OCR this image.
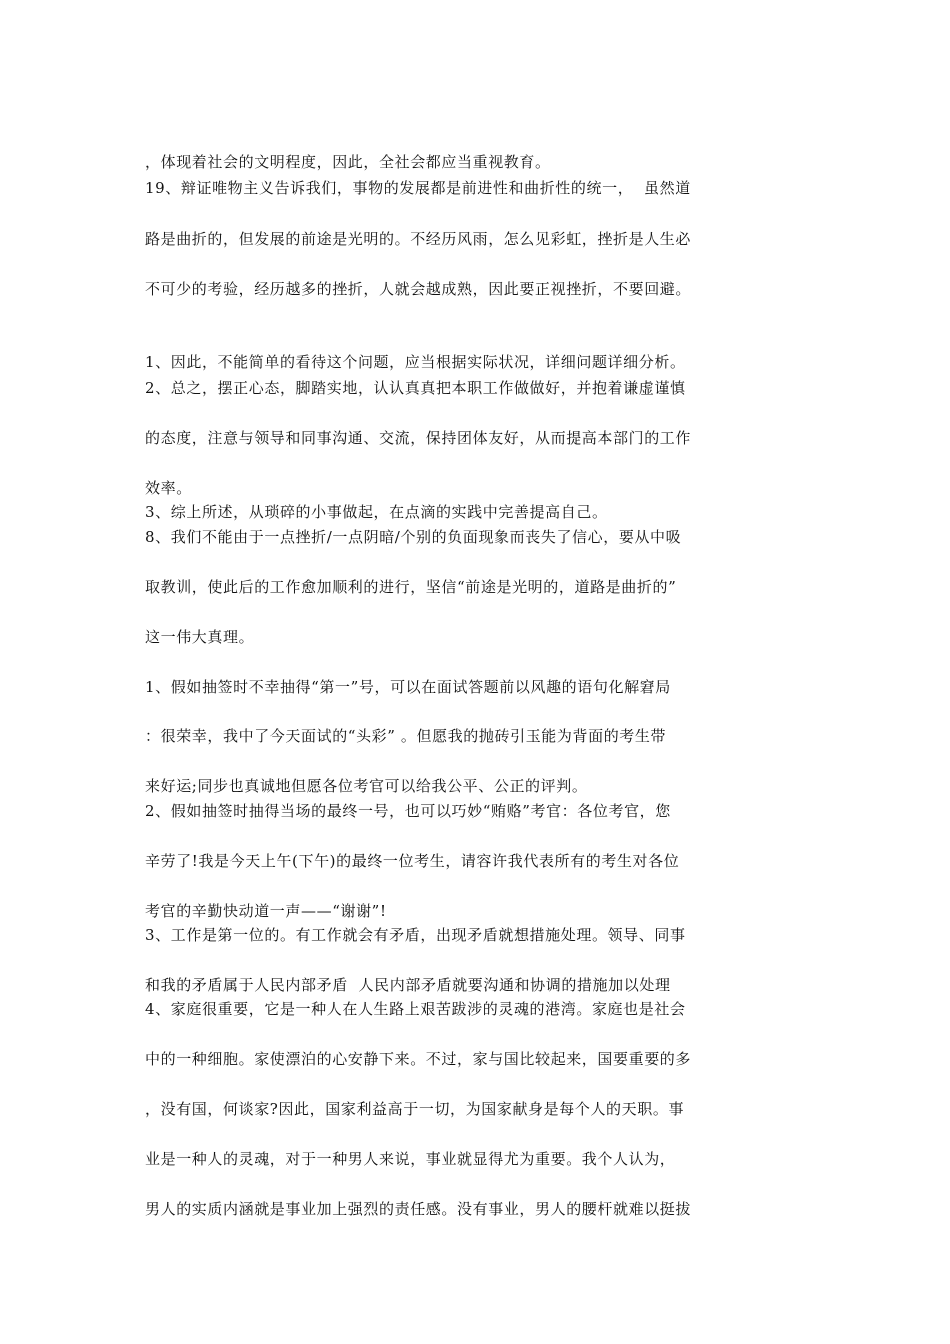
，体现着社会的文明程度，因此，全社会都应当重视教育。
19、辩证唯物主义告诉我们，事物的发展都是前进性和曲折性的统一，  虽然道
路是曲折的，但发展的前途是光明的。不经历风雨，怎么见彩虹，挫折是人生必
不可少的考验，经历越多的挫折，人就会越成熟，因此要正视挫折，不要回避。
1、因此，不能简单的看待这个问题，应当根据实际状况，详细问题详细分析。
2、总之，摆正心态，脚踏实地，认认真真把本职工作做做好，并抱着谦虚谨慎
的态度，注意与领导和同事沟通、交流，保持团体友好，从而提高本部门的工作
效率。
3、综上所述，从琐碎的小事做起，在点滴的实践中完善提高自己。
8、我们不能由于一点挫折/一点阴暗/个别的负面现象而丧失了信心，要从中吸
取教训，使此后的工作愈加顺利的进行，坚信“前途是光明的，道路是曲折的”
这一伟大真理。
1、假如抽签时不幸抽得“第一”号，可以在面试答题前以风趣的语句化解窘局
：很荣幸，我中了今天面试的“头彩” 。但愿我的抛砖引玉能为背面的考生带
来好运;同步也真诚地但愿各位考官可以给我公平、公正的评判。
2、假如抽签时抽得当场的最终一号，也可以巧妙“贿赂”考官：各位考官，您
辛劳了!我是今天上午(下午)的最终一位考生，请容许我代表所有的考生对各位
考官的辛勤快动道一声——“谢谢”!
3、工作是第一位的。有工作就会有矛盾，出现矛盾就想措施处理。领导、同事
和我的矛盾属于人民内部矛盾  人民内部矛盾就要沟通和协调的措施加以处理
4、家庭很重要，它是一种人在人生路上艰苦跋涉的灵魂的港湾。家庭也是社会
中的一种细胞。家使漂泊的心安静下来。不过，家与国比较起来，国要重要的多
，没有国，何谈家?因此，国家利益高于一切，为国家献身是每个人的天职。事
业是一种人的灵魂，对于一种男人来说，事业就显得尤为重要。我个人认为，
男人的实质内涵就是事业加上强烈的责任感。没有事业，男人的腰杆就难以挺拔
